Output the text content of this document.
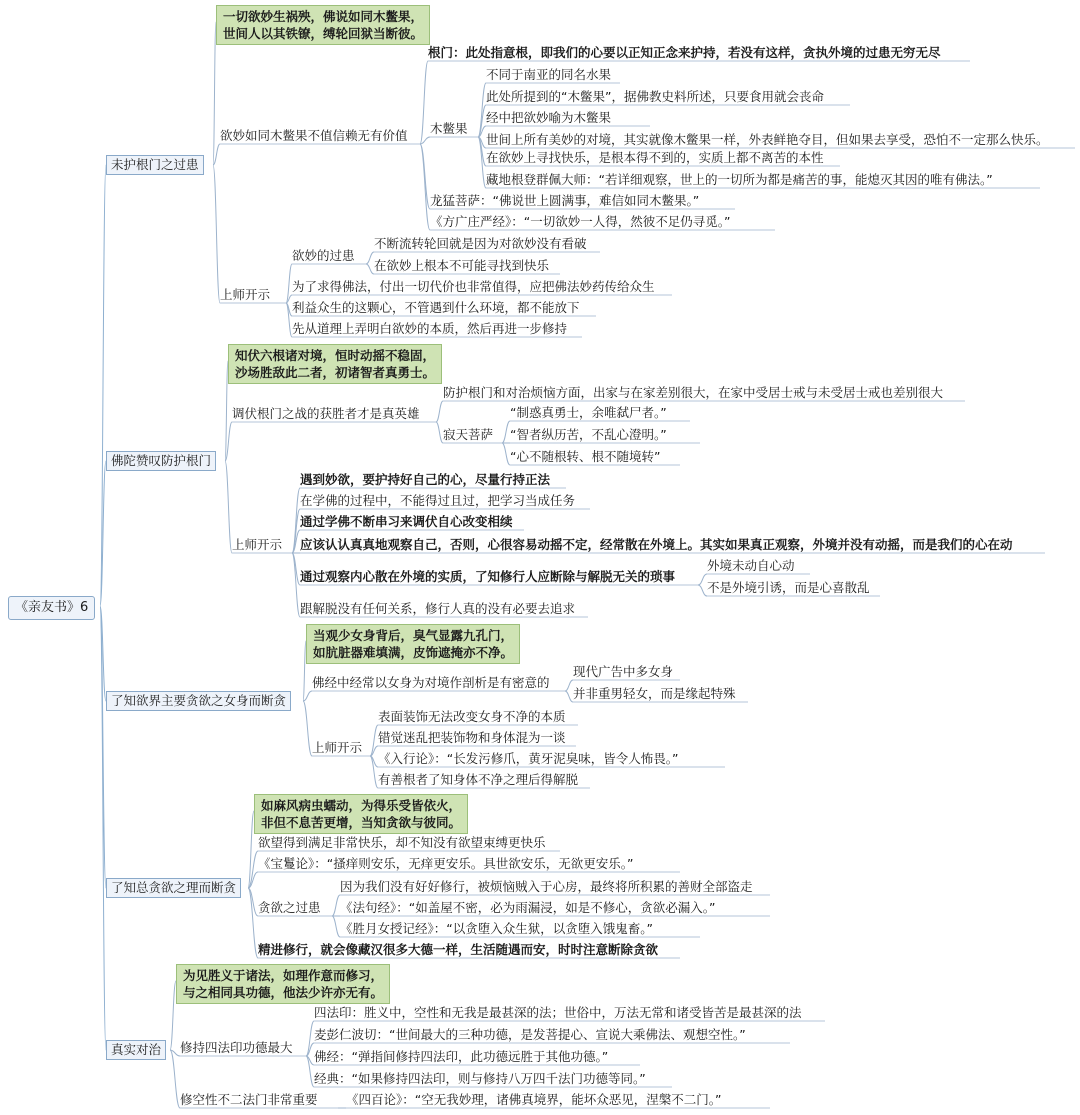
《亲友书》6
未护根门之过患
佛陀赞叹防护根门
了知欲界主要贪欲之女身而断贪
了知总贪欲之理而断贪
真实对治
一切欲妙生祸殃，佛说如同木鳖果，
世间人以其铁镣，缚轮回狱当断彼。
欲妙如同木鳖果不值信赖无有价值
根门：此处指意根，即我们的心要以正知正念来护持，若没有这样，贪执外境的过患无穷无尽
木鳖果
不同于南亚的同名水果
此处所提到的“木鳖果”，据佛教史料所述，只要食用就会丧命
经中把欲妙喻为木鳖果
世间上所有美妙的对境，其实就像木鳖果一样，外表鲜艳夺目，但如果去享受，恐怕不一定那么快乐。
在欲妙上寻找快乐，是根本得不到的，实质上都不离苦的本性
藏地根登群佩大师：“若详细观察，世上的一切所为都是痛苦的事，能熄灭其因的唯有佛法。”
龙猛菩萨：“佛说世上圆满事，难信如同木鳖果。”
《方广庄严经》：“一切欲妙一人得，然彼不足仍寻觅。”
上师开示
欲妙的过患
不断流转轮回就是因为对欲妙没有看破
在欲妙上根本不可能寻找到快乐
为了求得佛法，付出一切代价也非常值得，应把佛法妙药传给众生
利益众生的这颗心，不管遇到什么环境，都不能放下
先从道理上弄明白欲妙的本质，然后再进一步修持
知伏六根诸对境，恒时动摇不稳固，
沙场胜敌此二者，初诸智者真勇士。
调伏根门之战的获胜者才是真英雄
防护根门和对治烦恼方面，出家与在家差别很大，在家中受居士戒与未受居士戒也差别很大
寂天菩萨
“制惑真勇士，余唯弑尸者。”
“智者纵历苦，不乱心澄明。”
“心不随根转、根不随境转”
上师开示
遇到妙欲，要护持好自己的心，尽量行持正法
在学佛的过程中，不能得过且过，把学习当成任务
通过学佛不断串习来调伏自心改变相续
应该认认真真地观察自己，否则，心很容易动摇不定，经常散在外境上。其实如果真正观察，外境并没有动摇，而是我们的心在动
通过观察内心散在外境的实质，了知修行人应断除与解脱无关的琐事
外境未动自心动
不是外境引诱，而是心喜散乱
跟解脱没有任何关系，修行人真的没有必要去追求
当观少女身背后，臭气显露九孔门，
如肮脏器难填满，皮饰遮掩亦不净。
佛经中经常以女身为对境作剖析是有密意的
现代广告中多女身
并非重男轻女，而是缘起特殊
上师开示
表面装饰无法改变女身不净的本质
错觉迷乱把装饰物和身体混为一谈
《入行论》：“长发污修爪，黄牙泥臭味，皆令人怖畏。”
有善根者了知身体不净之理后得解脱
如麻风病虫蠕动，为得乐受皆依火，
非但不息苦更增，当知贪欲与彼同。
欲望得到满足非常快乐，却不知没有欲望束缚更快乐
《宝鬘论》：“搔痒则安乐，无痒更安乐。具世欲安乐，无欲更安乐。”
贪欲之过患
因为我们没有好好修行，被烦恼贼入于心房，最终将所积累的善财全部盗走
《法句经》：“如盖屋不密，必为雨漏浸，如是不修心，贪欲必漏入。”
《胜月女授记经》：“以贪堕入众生狱，以贪堕入饿鬼畜。”
精进修行，就会像藏汉很多大德一样，生活随遇而安，时时注意断除贪欲
为见胜义于诸法，如理作意而修习，
与之相同具功德，他法少许亦无有。
修持四法印功德最大
四法印：胜义中，空性和无我是最甚深的法；世俗中，万法无常和诸受皆苦是最甚深的法
麦彭仁波切：“世间最大的三种功德，是发菩提心、宣说大乘佛法、观想空性。”
佛经：“弹指间修持四法印，此功德远胜于其他功德。”
经典：“如果修持四法印，则与修持八万四千法门功德等同。”
修空性不二法门非常重要 《四百论》：“空无我妙理，诸佛真境界，能坏众恶见，涅槃不二门。”
